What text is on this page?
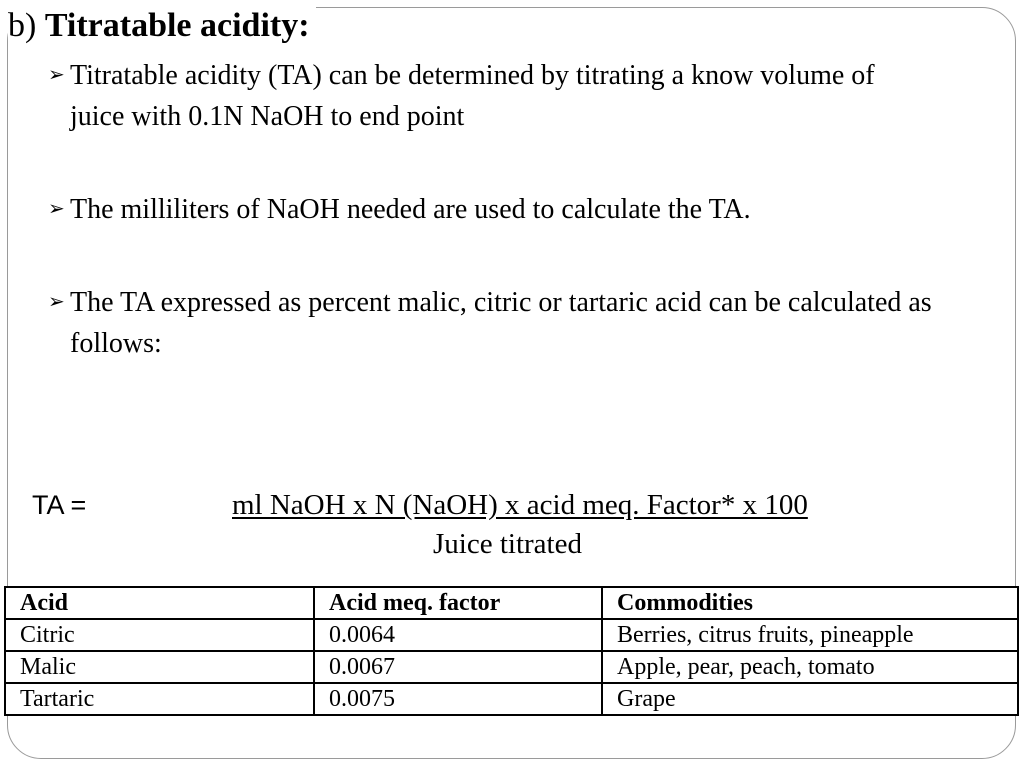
b) Titratable acidity:
➢ Titratable acidity (TA) can be determined by titrating a know volume of
juice with 0.1N NaOH to end point
➢ The milliliters of NaOH needed are used to calculate the TA.
➢ The TA expressed as percent malic, citric or tartaric acid can be calculated as
follows:
TA =	ml NaOH x N (NaOH) x acid meq. Factor* x 100
Juice titrated
Acid	Acid meq. factor	Commodities
Citric	0.0064	Berries, citrus fruits, pineapple
Malic	0.0067	Apple, pear, peach, tomato
Tartaric	0.0075	Grape
